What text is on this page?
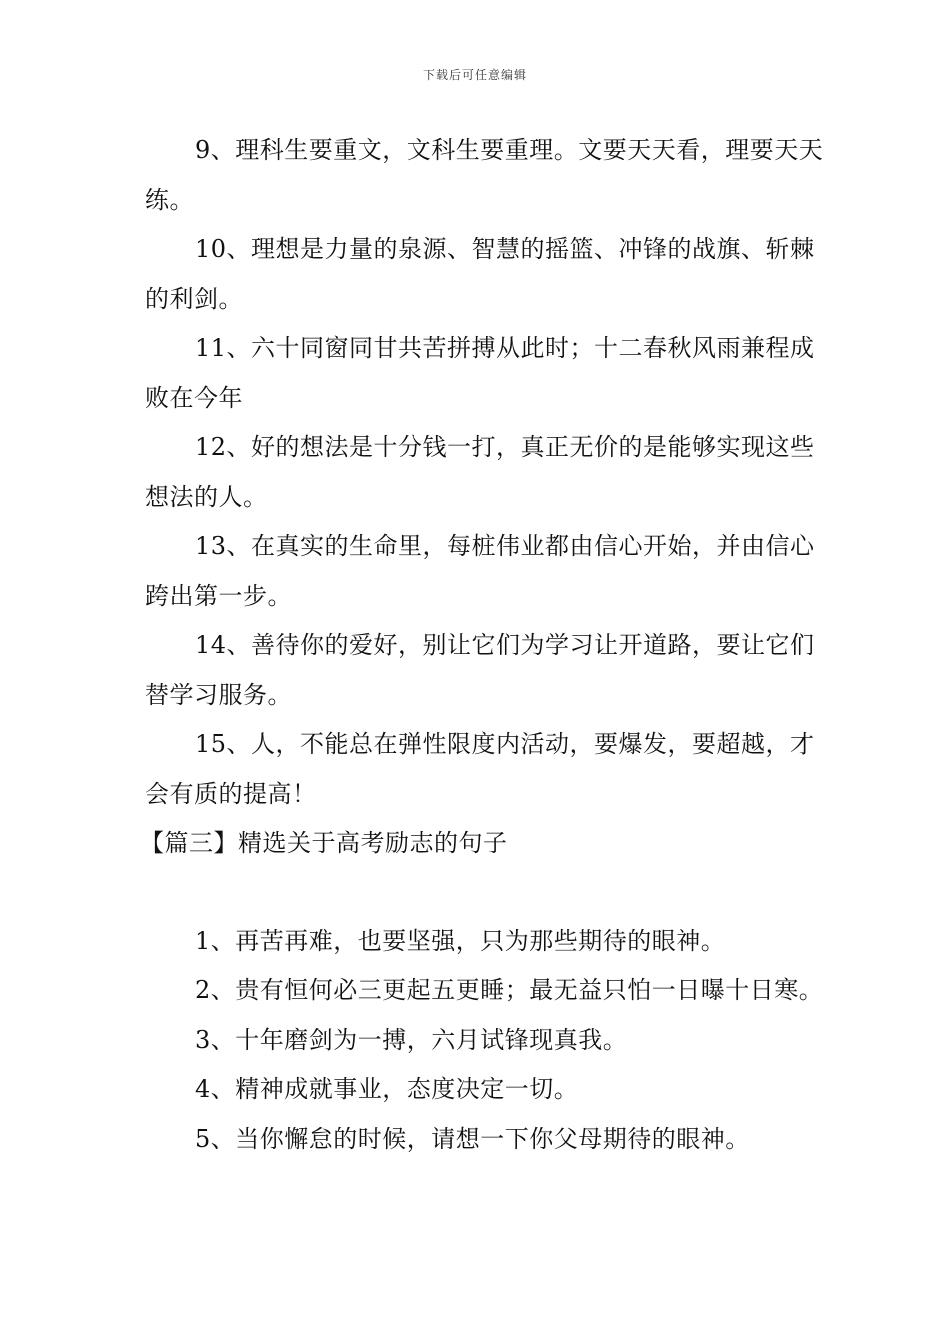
下载后可任意编辑

9、理科生要重文，文科生要重理。文要天天看，理要天天练。

10、理想是力量的泉源、智慧的摇篮、冲锋的战旗、斩棘的利剑。

11、六十同窗同甘共苦拼搏从此时；十二春秋风雨兼程成败在今年

12、好的想法是十分钱一打，真正无价的是能够实现这些想法的人。

13、在真实的生命里，每桩伟业都由信心开始，并由信心跨出第一步。

14、善待你的爱好，别让它们为学习让开道路，要让它们替学习服务。

15、人，不能总在弹性限度内活动，要爆发，要超越，才会有质的提高！

【篇三】精选关于高考励志的句子

1、再苦再难，也要坚强，只为那些期待的眼神。

2、贵有恒何必三更起五更睡；最无益只怕一日曝十日寒。

3、十年磨剑为一搏，六月试锋现真我。

4、精神成就事业，态度决定一切。

5、当你懈怠的时候，请想一下你父母期待的眼神。
